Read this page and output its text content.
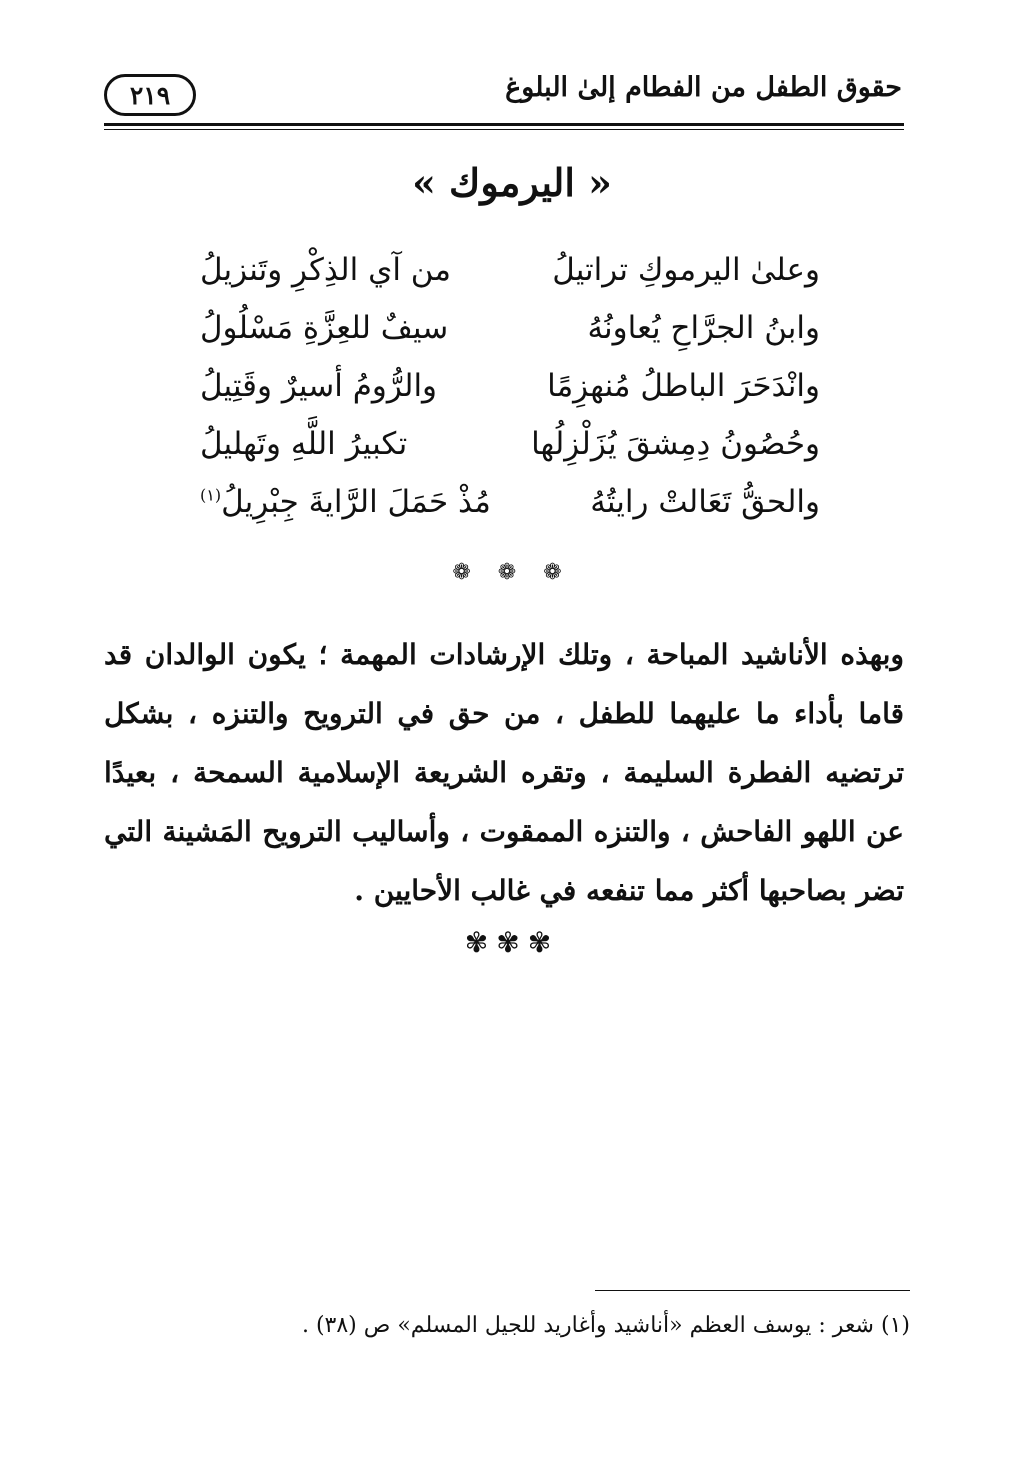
حقوق الطفل من الفطام إلىٰ البلوغ
٢١٩
« اليرموك »
وعلىٰ اليرموكِ تراتيلُ
من آي الذِكْرِ وتَنزيلُ
وابنُ الجرَّاحِ يُعاونُهُ
سيفٌ للعِزَّةِ مَسْلُولُ
وانْدَحَرَ الباطلُ مُنهزِمًا
والرُّومُ أسيرٌ وقَتِيلُ
وحُصُونُ دِمِشقَ يُزَلْزِلُها
تكبيرُ اللَّهِ وتَهليلُ
والحقُّ تَعَالتْ رايتُهُ
مُذْ حَمَلَ الرَّايةَ جِبْرِيلُ$^{(١)}$
❁ ❁ ❁
وبهذه الأناشيد المباحة ، وتلك الإرشادات المهمة ؛ يكون الوالدان قد قاما بأداء ما عليهما للطفل ، من حق في الترويح والتنزه ، بشكل ترتضيه الفطرة السليمة ، وتقره الشريعة الإسلامية السمحة ، بعيدًا عن اللهو الفاحش ، والتنزه الممقوت ، وأساليب الترويح المَشينة التي تضر بصاحبها أكثر مما تنفعه في غالب الأحايين .
✾✾✾
(١) شعر : يوسف العظم «أناشيد وأغاريد للجيل المسلم» ص (٣٨) .
